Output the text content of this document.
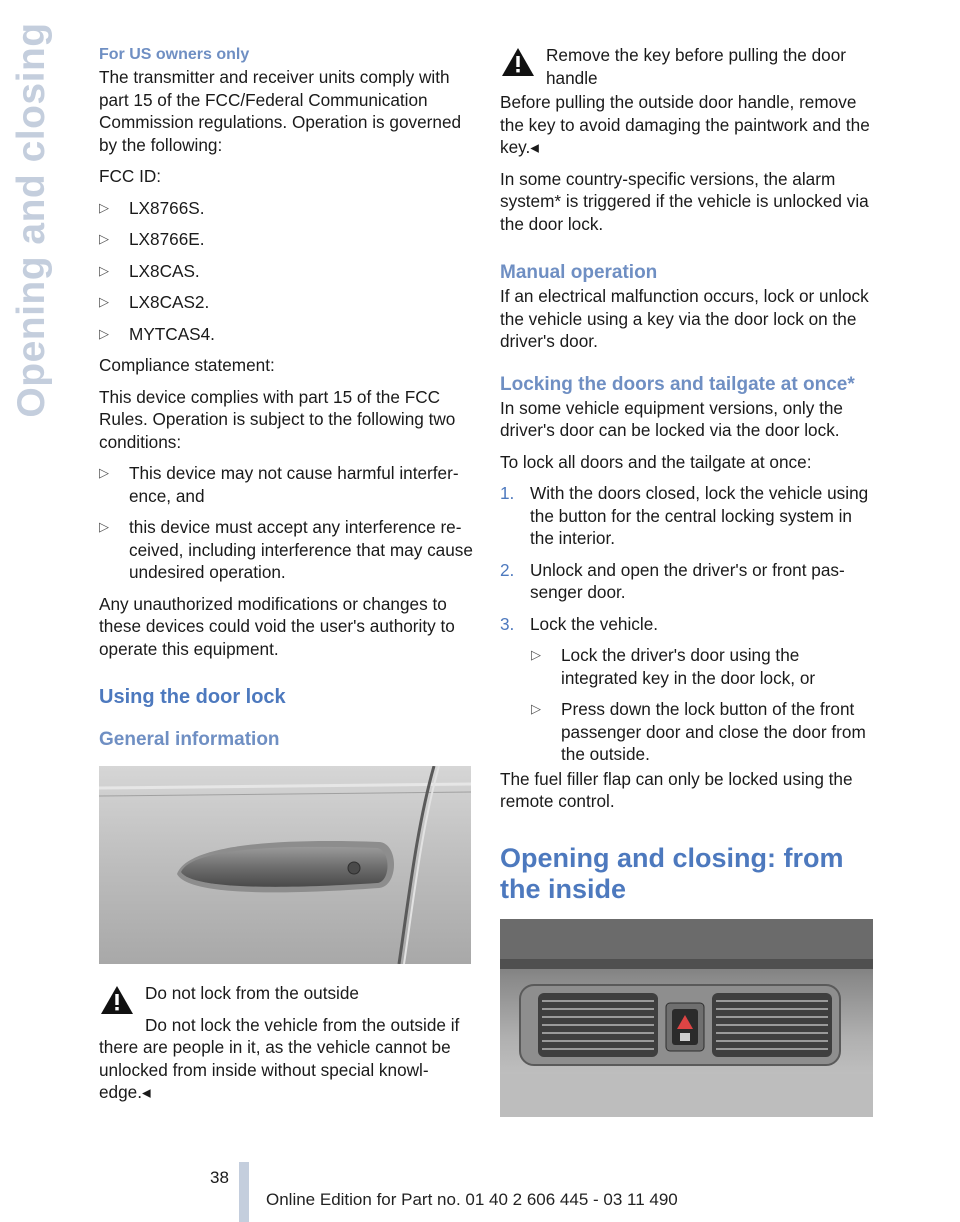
Opening and closing	For US owners only

The transmitter and receiver units comply with part 15 of the FCC/Federal Communication Commission regulations. Operation is governed by the following:

FCC ID:

▷ LX8766S.
▷ LX8766E.
▷ LX8CAS.
▷ LX8CAS2.
▷ MYTCAS4.

Compliance statement:

This device complies with part 15 of the FCC Rules. Operation is subject to the following two conditions:

▷ This device may not cause harmful interference, and
▷ this device must accept any interference received, including interference that may cause undesired operation.

Any unauthorized modifications or changes to these devices could void the user's authority to operate this equipment.

Using the door lock

General information

Do not lock from the outside

Do not lock the vehicle from the outside if there are people in it, as the vehicle cannot be unlocked from inside without special knowledge.◂

Remove the key before pulling the door handle

Before pulling the outside door handle, remove the key to avoid damaging the paintwork and the key.◂

In some country-specific versions, the alarm system* is triggered if the vehicle is unlocked via the door lock.

Manual operation

If an electrical malfunction occurs, lock or unlock the vehicle using a key via the door lock on the driver's door.

Locking the doors and tailgate at once*

In some vehicle equipment versions, only the driver's door can be locked via the door lock.

To lock all doors and the tailgate at once:

1. With the doors closed, lock the vehicle using the button for the central locking system in the interior.
2. Unlock and open the driver's or front passenger door.
3. Lock the vehicle.
▷ Lock the driver's door using the integrated key in the door lock, or
▷ Press down the lock button of the front passenger door and close the door from the outside.

The fuel filler flap can only be locked using the remote control.

Opening and closing: from the inside

38
Online Edition for Part no. 01 40 2 606 445 - 03 11 490
